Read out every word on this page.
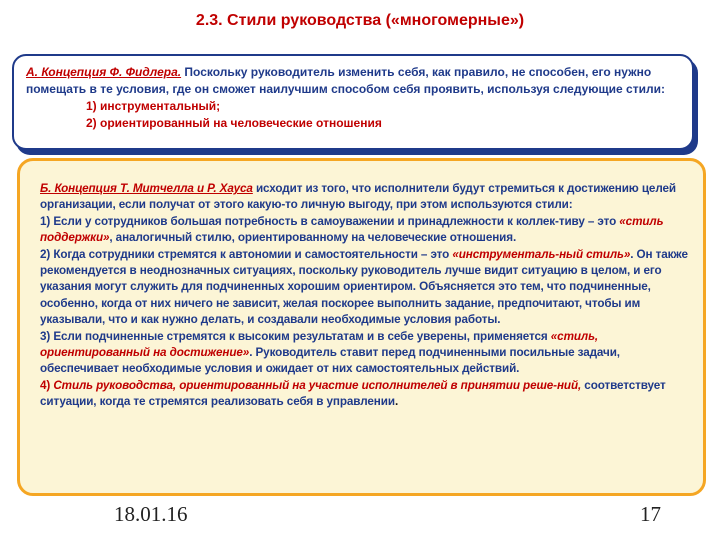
2.3. Стили руководства («многомерные»)
А. Концепция Ф. Фидлера. Поскольку руководитель изменить себя, как правило, не способен, его нужно помещать в те условия, где он сможет наилучшим способом себя проявить, используя следующие стили:
1) инструментальный;
2) ориентированный на человеческие отношения
Б. Концепция Т. Митчелла и Р. Хауса исходит из того, что исполнители будут стремиться к достижению целей организации, если получат от этого какую-то личную выгоду, при этом используются стили:
1) Если у сотрудников большая потребность в самоуважении и принадлежности к коллек-тиву – это «стиль поддержки», аналогичный стилю, ориентированному на человеческие отношения.
2) Когда сотрудники стремятся к автономии и самостоятельности – это «инструменталь-ный стиль». Он также рекомендуется в неоднозначных ситуациях, поскольку руководитель лучше видит ситуацию в целом, и его указания могут служить для подчиненных хорошим ориентиром. Объясняется это тем, что подчиненные, особенно, когда от них ничего не зависит, желая поскорее выполнить задание, предпочитают, чтобы им указывали, что и как нужно делать, и создавали необходимые условия работы.
3) Если подчиненные стремятся к высоким результатам и в себе уверены, применяется «стиль, ориентированный на достижение». Руководитель ставит перед подчиненными посильные задачи, обеспечивает необходимые условия и ожидает от них самостоятельных действий.
4) Стиль руководства, ориентированный на участие исполнителей в принятии реше-ний, соответствует ситуации, когда те стремятся реализовать себя в управлении.
18.01.16	17
